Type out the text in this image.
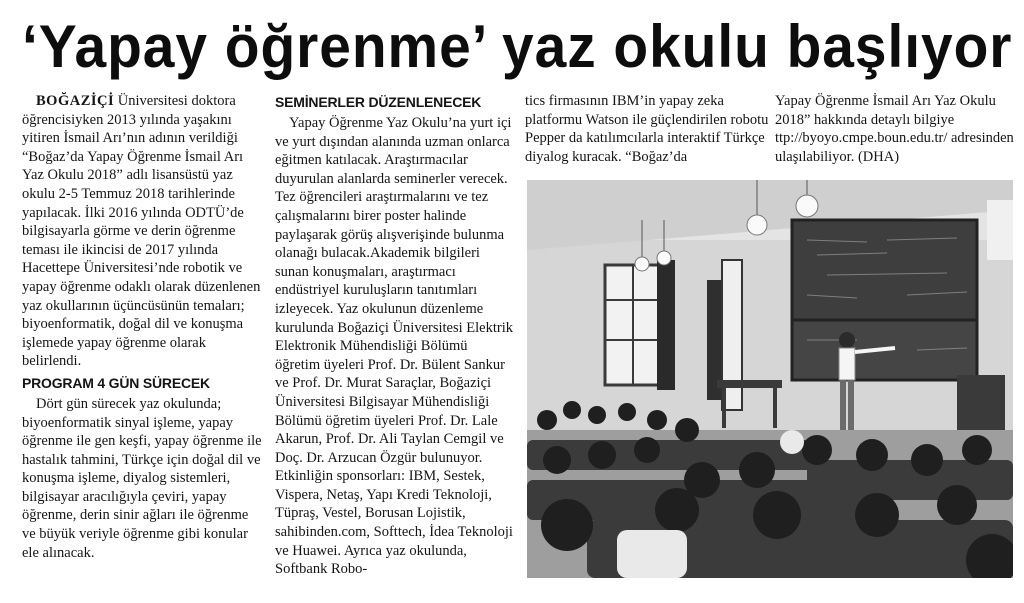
‘Yapay öğrenme’ yaz okulu başlıyor

BOĞAZİÇİ Üniversitesi doktora öğrencisiyken 2013 yılında yaşakını yitiren İsmail Arı’nın adının verildiği “Boğaz’da Yapay Öğrenme İsmail Arı Yaz Okulu 2018” adlı lisansüstü yaz okulu 2-5 Temmuz 2018 tarihlerinde yapılacak. İlki 2016 yılında ODTÜ’de bilgisayarla görme ve derin öğrenme teması ile ikincisi de 2017 yılında Hacettepe Üniversitesi’nde robotik ve yapay öğrenme odaklı olarak düzenlenen yaz okullarının üçüncüsünün temaları; biyoenformatik, doğal dil ve konuşma işlemede yapay öğrenme olarak belirlendi.

PROGRAM 4 GÜN SÜRECEK

Dört gün sürecek yaz okulunda; biyoenformatik sinyal işleme, yapay öğrenme ile gen keşfi, yapay öğrenme ile hastalık tahmini, Türkçe için doğal dil ve konuşma işleme, diyalog sistemleri, bilgisayar aracılığıyla çeviri, yapay öğrenme, derin sinir ağları ile öğrenme ve büyük veriyle öğrenme gibi konular ele alınacak.

SEMİNERLER DÜZENLENECEK

Yapay Öğrenme Yaz Okulu’na yurt içi ve yurt dışından alanında uzman onlarca eğitmen katılacak. Araştırmacılar duyurulan alanlarda seminerler verecek. Tez öğrencileri araştırmalarını ve tez çalışmalarını birer poster halinde paylaşarak görüş alışverişinde bulunma olanağı bulacak.Akademik bilgileri sunan konuşmaları, araştırmacı endüstriyel kuruluşların tanıtımları izleyecek. Yaz okulunun düzenleme kurulunda Boğaziçi Üniversitesi Elektrik Elektronik Mühendisliği Bölümü öğretim üyeleri Prof. Dr. Bülent Sankur ve Prof. Dr. Murat Saraçlar, Boğaziçi Üniversitesi Bilgisayar Mühendisliği Bölümü öğretim üyeleri Prof. Dr. Lale Akarun, Prof. Dr. Ali Taylan Cemgil ve Doç. Dr. Arzucan Özgür bulunuyor. Etkinliğin sponsorları: IBM, Sestek, Vispera, Netaş, Yapı Kredi Teknoloji, Tüpraş, Vestel, Borusan Lojistik, sahibinden.com, Softtech, İdea Teknoloji ve Huawei. Ayrıca yaz okulunda, Softbank Robo-

tics firmasının IBM’in yapay zeka platformu Watson ile güçlendirilen robotu Pepper da katılımcılarla interaktif Türkçe diyalog kuracak. “Boğaz’da

Yapay Öğrenme İsmail Arı Yaz Okulu 2018” hakkında detaylı bilgiye ttp://byoyo.cmpe.boun.edu.tr/ adresinden ulaşılabiliyor. (DHA)
